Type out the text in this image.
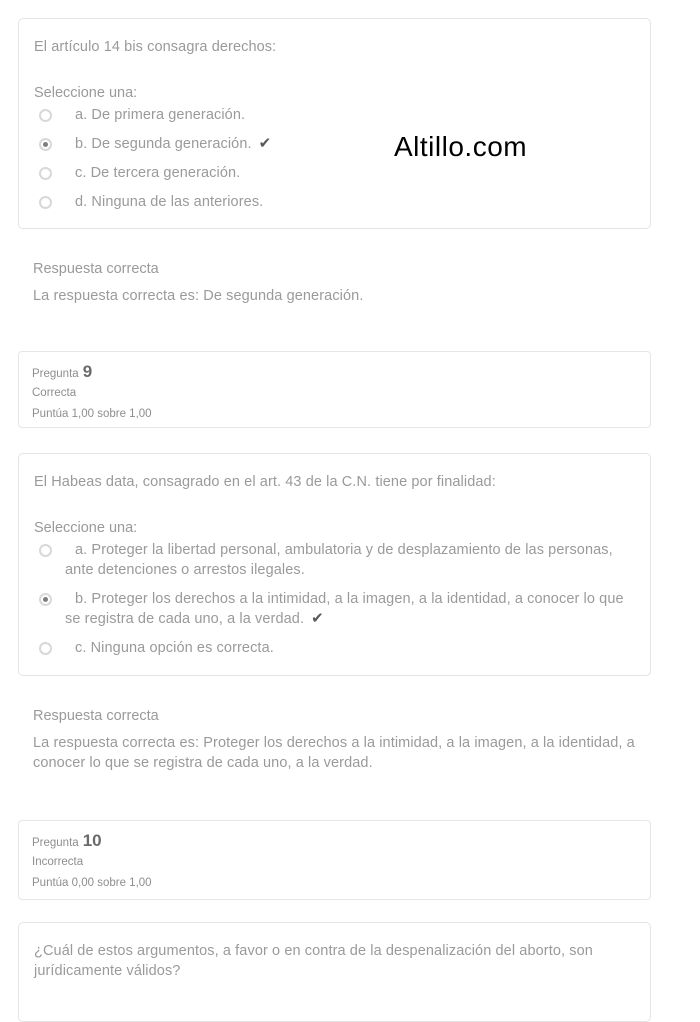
El artículo 14 bis consagra derechos:
Seleccione una:
a. De primera generación.
b. De segunda generación. ✔
c. De tercera generación.
d. Ninguna de las anteriores.
Altillo.com
Respuesta correcta
La respuesta correcta es: De segunda generación.
Pregunta 9
Correcta
Puntúa 1,00 sobre 1,00
El Habeas data, consagrado en el art. 43 de la C.N. tiene por finalidad:
Seleccione una:
a. Proteger la libertad personal, ambulatoria y de desplazamiento de las personas, ante detenciones o arrestos ilegales.
b. Proteger los derechos a la intimidad, a la imagen, a la identidad, a conocer lo que se registra de cada uno, a la verdad. ✔
c. Ninguna opción es correcta.
Respuesta correcta
La respuesta correcta es: Proteger los derechos a la intimidad, a la imagen, a la identidad, a conocer lo que se registra de cada uno, a la verdad.
Pregunta 10
Incorrecta
Puntúa 0,00 sobre 1,00
¿Cuál de estos argumentos, a favor o en contra de la despenalización del aborto, son jurídicamente válidos?
